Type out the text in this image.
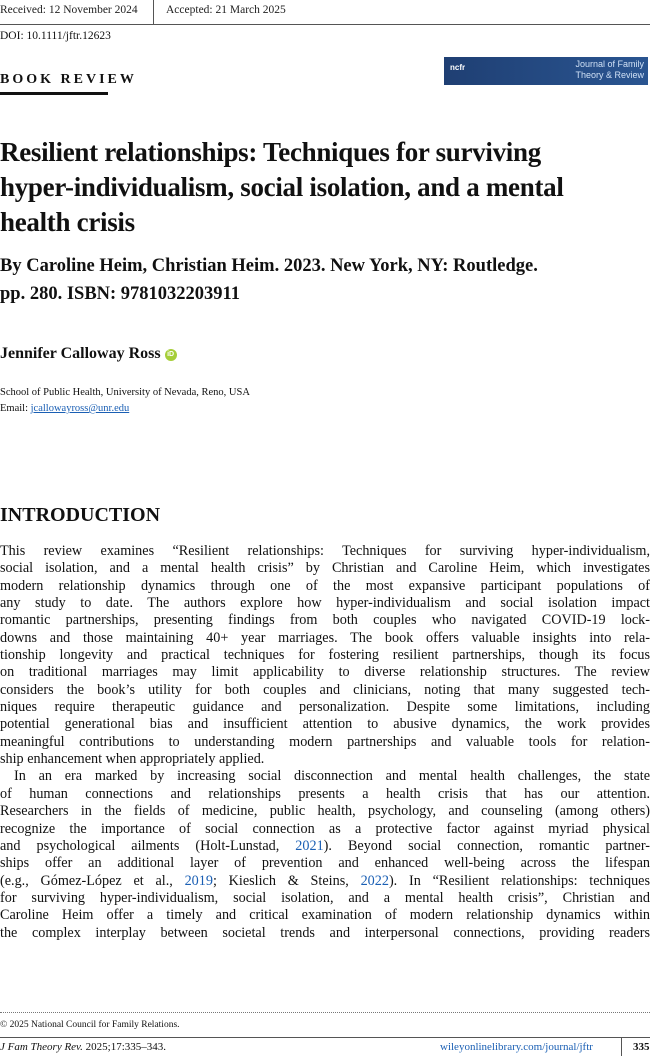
Received: 12 November 2024 Accepted: 21 March 2025
DOI: 10.1111/jftr.12623
BOOK REVIEW
ncfr	Journal of Family
Theory & Review
Resilient relationships: Techniques for surviving
hyper-individualism, social isolation, and a mental
health crisis
By Caroline Heim, Christian Heim. 2023. New York, NY: Routledge.
pp. 280. ISBN: 9781032203911
Jennifer Calloway Ross iD
School of Public Health, University of Nevada, Reno, USA
Email: jcallowayross@unr.edu
INTRODUCTION
This review examines “Resilient relationships: Techniques for surviving hyper-individualism,
social isolation, and a mental health crisis” by Christian and Caroline Heim, which investigates
modern relationship dynamics through one of the most expansive participant populations of
any study to date. The authors explore how hyper-individualism and social isolation impact
romantic partnerships, presenting findings from both couples who navigated COVID-19 lock-
downs and those maintaining 40+ year marriages. The book offers valuable insights into rela-
tionship longevity and practical techniques for fostering resilient partnerships, though its focus
on traditional marriages may limit applicability to diverse relationship structures. The review
considers the book’s utility for both couples and clinicians, noting that many suggested tech-
niques require therapeutic guidance and personalization. Despite some limitations, including
potential generational bias and insufficient attention to abusive dynamics, the work provides
meaningful contributions to understanding modern partnerships and valuable tools for relation-
ship enhancement when appropriately applied.
In an era marked by increasing social disconnection and mental health challenges, the state
of human connections and relationships presents a health crisis that has our attention.
Researchers in the fields of medicine, public health, psychology, and counseling (among others)
recognize the importance of social connection as a protective factor against myriad physical
and psychological ailments (Holt-Lunstad, 2021). Beyond social connection, romantic partner-
ships offer an additional layer of prevention and enhanced well-being across the lifespan
(e.g., Gómez-López et al., 2019; Kieslich & Steins, 2022). In “Resilient relationships: techniques
for surviving hyper-individualism, social isolation, and a mental health crisis”, Christian and
Caroline Heim offer a timely and critical examination of modern relationship dynamics within
the complex interplay between societal trends and interpersonal connections, providing readers
© 2025 National Council for Family Relations.
J Fam Theory Rev. 2025;17:335–343.	wileyonlinelibrary.com/journal/jftr	335
